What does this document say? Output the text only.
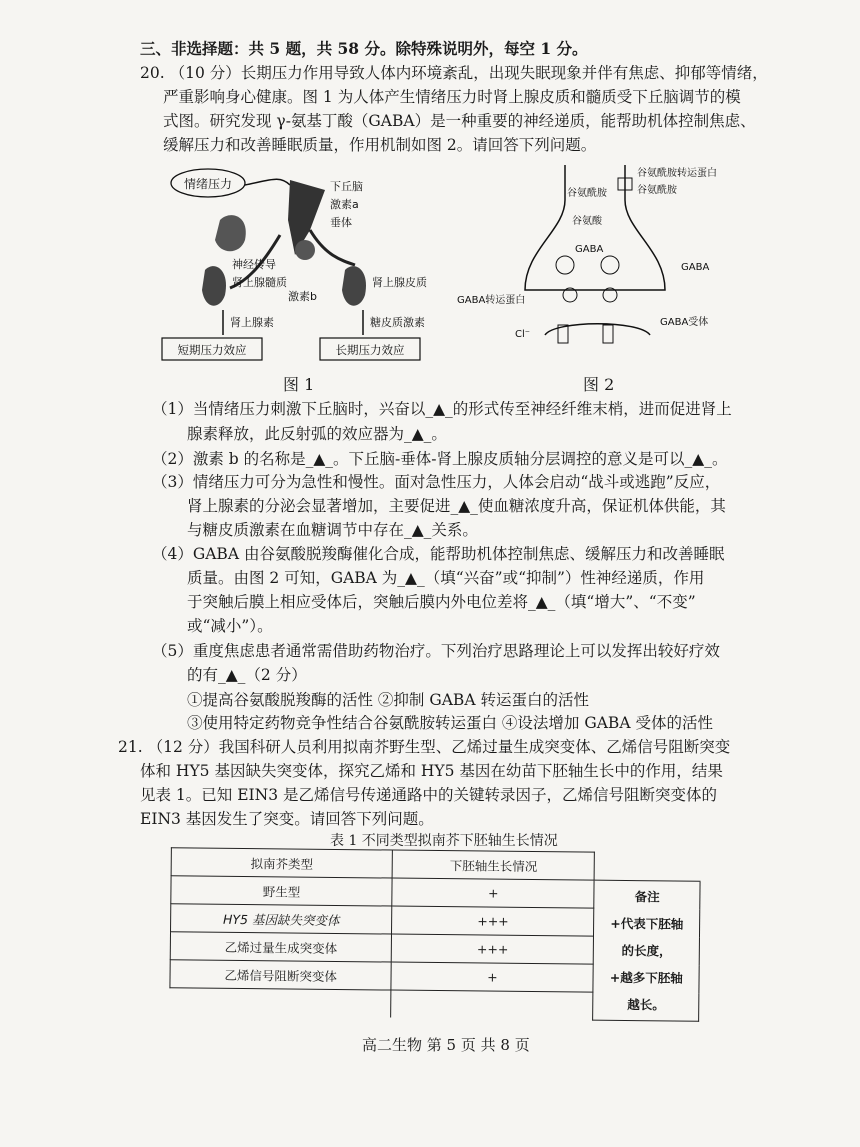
三、非选择题：共 5 题，共 58 分。除特殊说明外，每空 1 分。
20. （10 分）长期压力作用导致人体内环境紊乱，出现失眠现象并伴有焦虑、抑郁等情绪，
严重影响身心健康。图 1 为人体产生情绪压力时肾上腺皮质和髓质受下丘脑调节的模
式图。研究发现 γ-氨基丁酸（GABA）是一种重要的神经递质，能帮助机体控制焦虑、
缓解压力和改善睡眠质量，作用机制如图 2。请回答下列问题。
情绪压力	下丘脑
激素a
垂体
神经传导
肾上腺髓质
激素b
肾上腺皮质
肾上腺素	糖皮质激素
短期压力效应	长期压力效应
图 1
谷氨酰胺转运蛋白
谷氨酰胺
谷氨酰胺
谷氨酸
GABA
GABA
GABA转运蛋白
Cl⁻
GABA受体
图 2
（1）当情绪压力刺激下丘脑时，兴奋以_▲_的形式传至神经纤维末梢，进而促进肾上
腺素释放，此反射弧的效应器为_▲_。
（2）激素 b 的名称是_▲_。下丘脑-垂体-肾上腺皮质轴分层调控的意义是可以_▲_。
（3）情绪压力可分为急性和慢性。面对急性压力，人体会启动“战斗或逃跑”反应，
肾上腺素的分泌会显著增加，主要促进_▲_使血糖浓度升高，保证机体供能，其
与糖皮质激素在血糖调节中存在_▲_关系。
（4）GABA 由谷氨酸脱羧酶催化合成，能帮助机体控制焦虑、缓解压力和改善睡眠
质量。由图 2 可知，GABA 为_▲_（填“兴奋”或“抑制”）性神经递质，作用
于突触后膜上相应受体后，突触后膜内外电位差将_▲_（填“增大”、“不变”
或“减小”）。
（5）重度焦虑患者通常需借助药物治疗。下列治疗思路理论上可以发挥出较好疗效
的有_▲_（2 分）
①提高谷氨酸脱羧酶的活性 ②抑制 GABA 转运蛋白的活性
③使用特定药物竞争性结合谷氨酰胺转运蛋白 ④设法增加 GABA 受体的活性
21. （12 分）我国科研人员利用拟南芥野生型、乙烯过量生成突变体、乙烯信号阻断突变
体和 HY5 基因缺失突变体，探究乙烯和 HY5 基因在幼苗下胚轴生长中的作用，结果
见表 1。已知 EIN3 是乙烯信号传递通路中的关键转录因子，乙烯信号阻断突变体的
EIN3 基因发生了突变。请回答下列问题。
表 1 不同类型拟南芥下胚轴生长情况
拟南芥类型	下胚轴生长情况	
野生型	+	备注
+代表下胚轴
的长度，
+越多下胚轴
越长。

HY5 基因缺失突变体	+++	
乙烯过量生成突变体	+++	
乙烯信号阻断突变体	+	

高二生物 第 5 页 共 8 页
